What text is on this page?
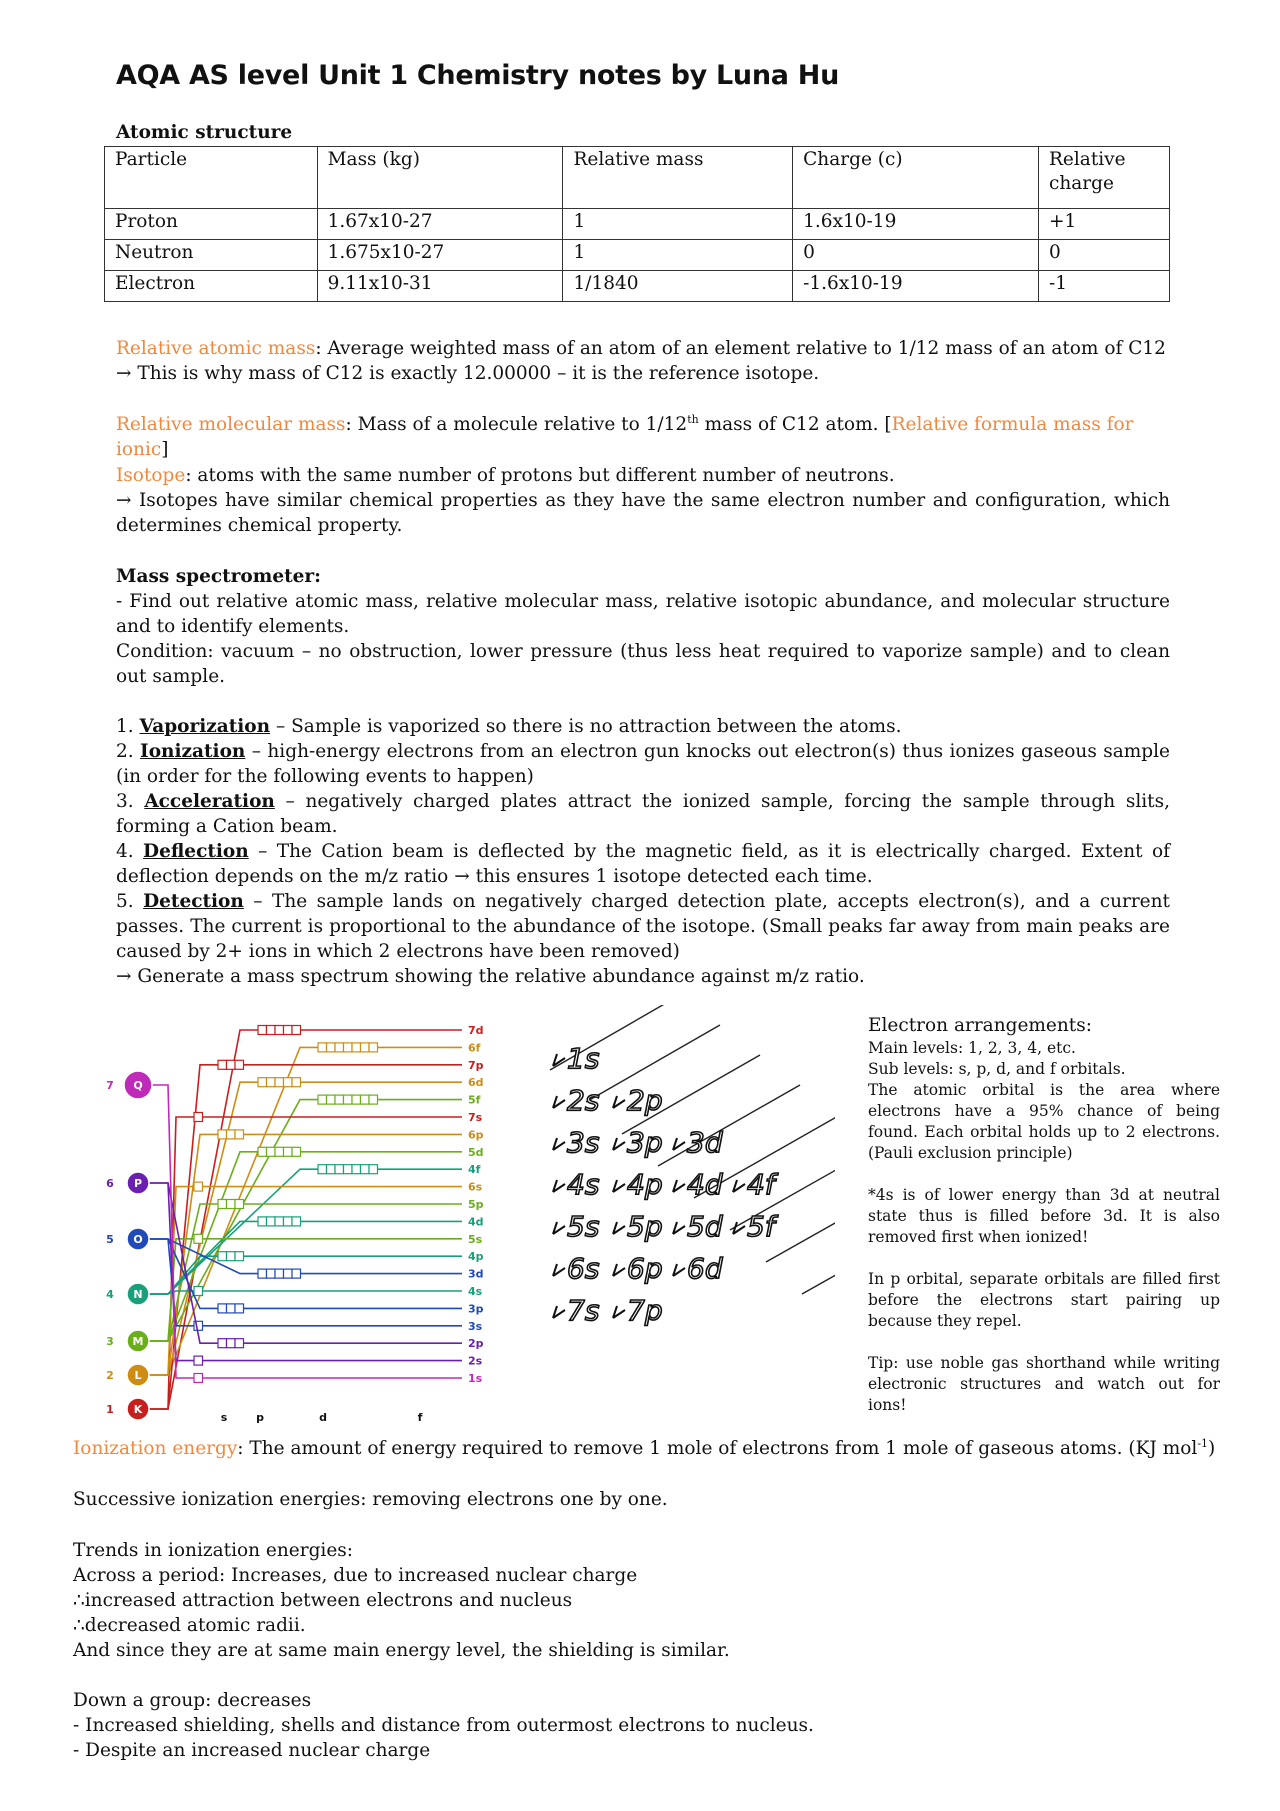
AQA AS level Unit 1 Chemistry notes by Luna Hu
Atomic structure
Particle	Mass (kg)	Relative mass	Charge (c)	Relative charge
Proton	1.67x10-27	1	1.6x10-19	+1
Neutron	1.675x10-27	1	0	0
Electron	9.11x10-31	1/1840	-1.6x10-19	-1
Relative atomic mass: Average weighted mass of an atom of an element relative to 1/12 mass of an atom of C12
→ This is why mass of C12 is exactly 12.00000 – it is the reference isotope.
Relative molecular mass: Mass of a molecule relative to 1/12th mass of C12 atom. [Relative formula mass for ionic]
Isotope: atoms with the same number of protons but different number of neutrons.
→ Isotopes have similar chemical properties as they have the same electron number and configuration, which determines chemical property.
Mass spectrometer:
- Find out relative atomic mass, relative molecular mass, relative isotopic abundance, and molecular structure and to identify elements.
Condition: vacuum – no obstruction, lower pressure (thus less heat required to vaporize sample) and to clean out sample.
1. Vaporization – Sample is vaporized so there is no attraction between the atoms.
2. Ionization – high-energy electrons from an electron gun knocks out electron(s) thus ionizes gaseous sample (in order for the following events to happen)
3. Acceleration – negatively charged plates attract the ionized sample, forcing the sample through slits, forming a Cation beam.
4. Deflection – The Cation beam is deflected by the magnetic field, as it is electrically charged. Extent of deflection depends on the m/z ratio → this ensures 1 isotope detected each time.
5. Detection – The sample lands on negatively charged detection plate, accepts electron(s), and a current passes. The current is proportional to the abundance of the isotope. (Small peaks far away from main peaks are caused by 2+ ions in which 2 electrons have been removed)
→ Generate a mass spectrum showing the relative abundance against m/z ratio.
7d
6f
7p
6d
5f
7s
6p
5d
4f
6s
5p
4d
5s
4p
3d
4s
3p
3s
2p
2s
1s
Q
7
P
6
O
5
N
4
M
3
L
2
K
1
s	p	d	f
1s
2s 2p
3s 3p 3d
4s 4p 4d 4f
5s 5p 5d 5f
6s 6p 6d
7s 7p
Electron arrangements:
Main levels: 1, 2, 3, 4, etc.
Sub levels: s, p, d, and f orbitals.
The atomic orbital is the area where electrons have a 95% chance of being found. Each orbital holds up to 2 electrons. (Pauli exclusion principle)
*4s is of lower energy than 3d at neutral state thus is filled before 3d. It is also removed first when ionized!
In p orbital, separate orbitals are filled first before the electrons start pairing up because they repel.
Tip: use noble gas shorthand while writing electronic structures and watch out for ions!
Ionization energy: The amount of energy required to remove 1 mole of electrons from 1 mole of gaseous atoms. (KJ mol$^{-1}$)
Successive ionization energies: removing electrons one by one.
Trends in ionization energies:
Across a period: Increases, due to increased nuclear charge
∴increased attraction between electrons and nucleus
∴decreased atomic radii.
And since they are at same main energy level, the shielding is similar.
Down a group: decreases
- Increased shielding, shells and distance from outermost electrons to nucleus.
- Despite an increased nuclear charge
